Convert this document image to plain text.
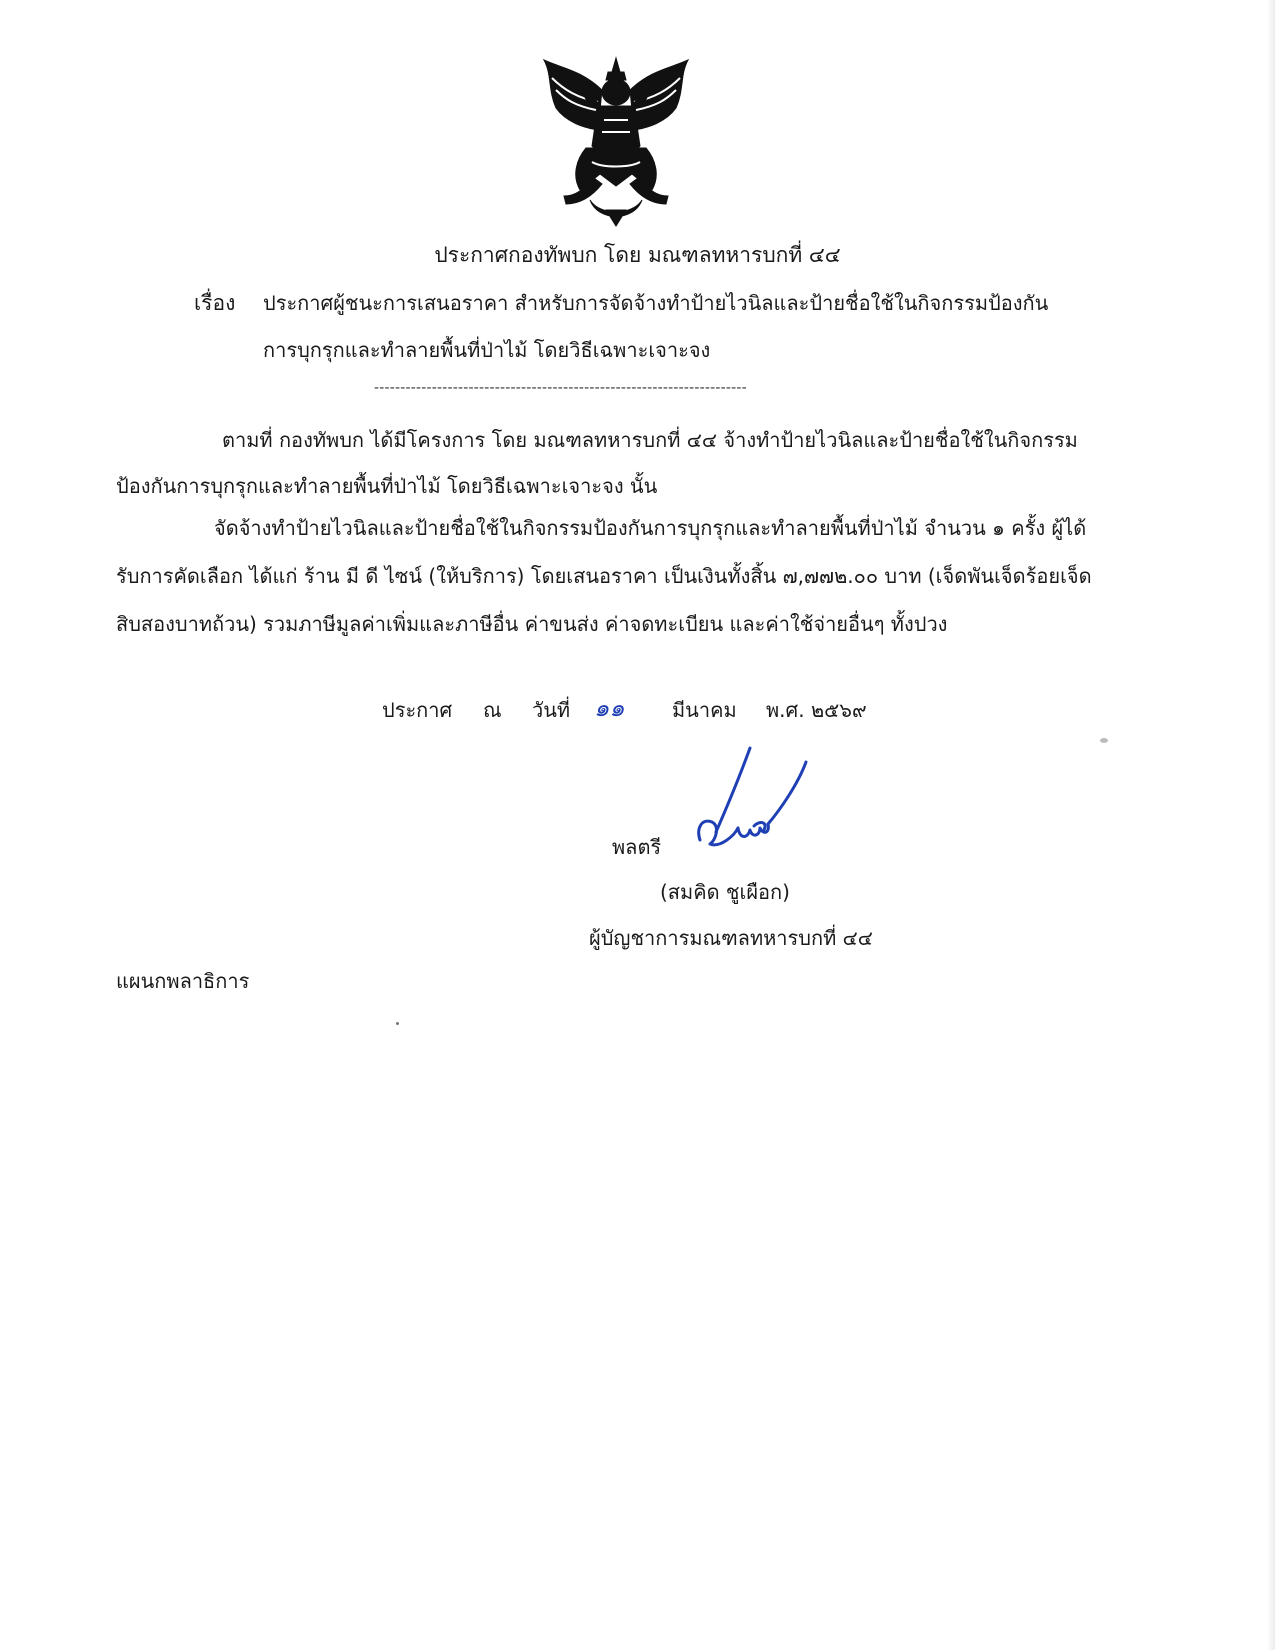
ประกาศกองทัพบก โดย มณฑลทหารบกที่ ๔๔
เรื่อง ประกาศผู้ชนะการเสนอราคา สำหรับการจัดจ้างทำป้ายไวนิลและป้ายชื่อใช้ในกิจกรรมป้องกัน
การบุกรุกและทำลายพื้นที่ป่าไม้ โดยวิธีเฉพาะเจาะจง
-----------------------------------------------------------------------
ตามที่ กองทัพบก ได้มีโครงการ โดย มณฑลทหารบกที่ ๔๔ จ้างทำป้ายไวนิลและป้ายชื่อใช้ในกิจกรรม
ป้องกันการบุกรุกและทำลายพื้นที่ป่าไม้ โดยวิธีเฉพาะเจาะจง นั้น
จัดจ้างทำป้ายไวนิลและป้ายชื่อใช้ในกิจกรรมป้องกันการบุกรุกและทำลายพื้นที่ป่าไม้ จำนวน ๑ ครั้ง ผู้ได้
รับการคัดเลือก ได้แก่ ร้าน มี ดี ไซน์ (ให้บริการ) โดยเสนอราคา เป็นเงินทั้งสิ้น ๗,๗๗๒.๐๐ บาท (เจ็ดพันเจ็ดร้อยเจ็ด
สิบสองบาทถ้วน) รวมภาษีมูลค่าเพิ่มและภาษีอื่น ค่าขนส่ง ค่าจดทะเบียน และค่าใช้จ่ายอื่นๆ ทั้งปวง
ประกาศ ณ วันที่ ๑๑ มีนาคม พ.ศ. ๒๕๖๙
พลตรี
(สมคิด ชูเผือก)
ผู้บัญชาการมณฑลทหารบกที่ ๔๔
แผนกพลาธิการ
